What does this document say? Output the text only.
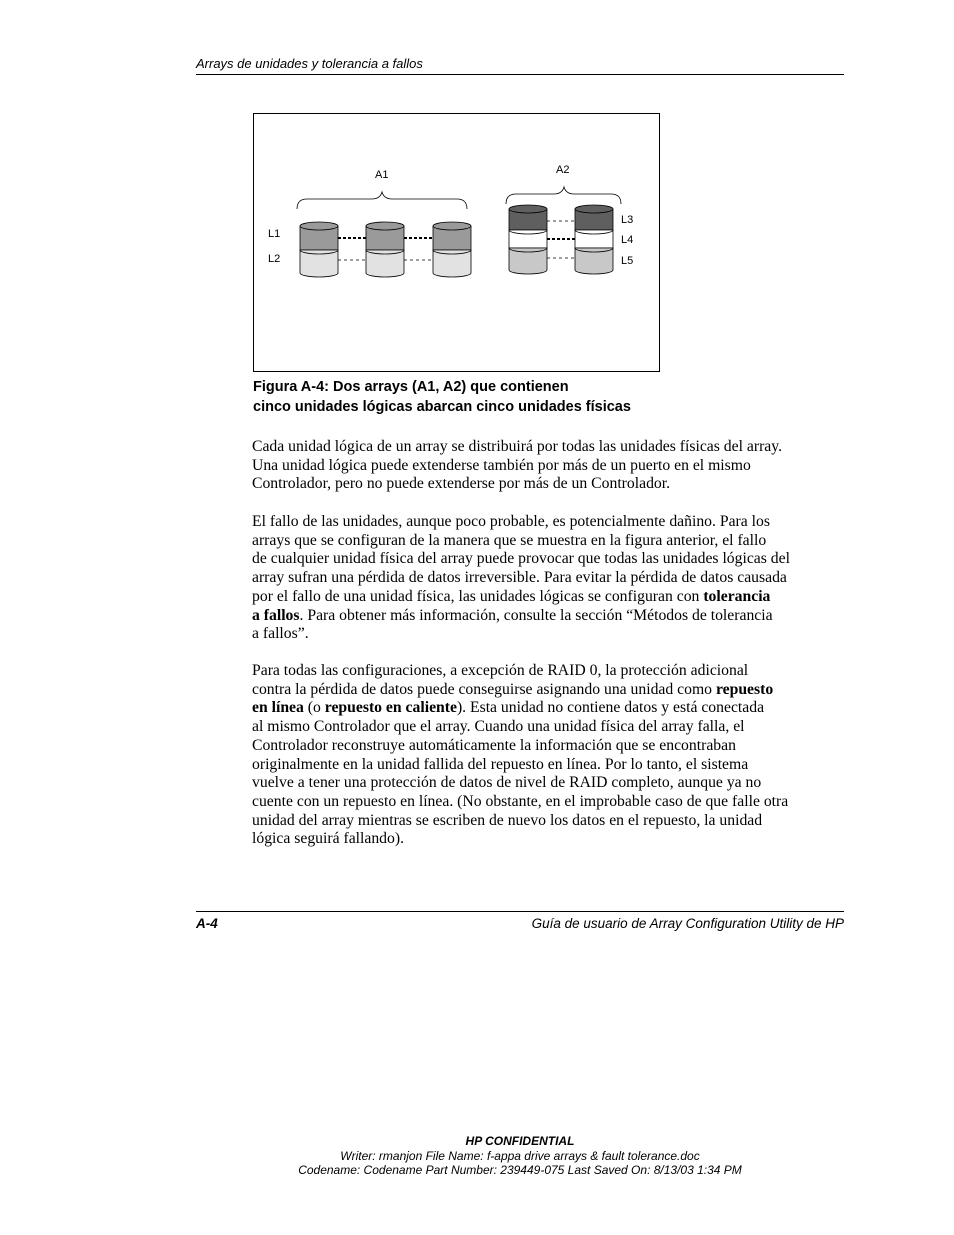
Arrays de unidades y tolerancia a fallos
A1	A2
L1
L2
L3
L4
L5
Figura A-4: Dos arrays (A1, A2) que contienen
cinco unidades lógicas abarcan cinco unidades físicas
Cada unidad lógica de un array se distribuirá por todas las unidades físicas del array.
Una unidad lógica puede extenderse también por más de un puerto en el mismo
Controlador, pero no puede extenderse por más de un Controlador.
El fallo de las unidades, aunque poco probable, es potencialmente dañino. Para los
arrays que se configuran de la manera que se muestra en la figura anterior, el fallo
de cualquier unidad física del array puede provocar que todas las unidades lógicas del
array sufran una pérdida de datos irreversible. Para evitar la pérdida de datos causada
por el fallo de una unidad física, las unidades lógicas se configuran con tolerancia
a fallos. Para obtener más información, consulte la sección “Métodos de tolerancia
a fallos”.
Para todas las configuraciones, a excepción de RAID 0, la protección adicional
contra la pérdida de datos puede conseguirse asignando una unidad como repuesto
en línea (o repuesto en caliente). Esta unidad no contiene datos y está conectada
al mismo Controlador que el array. Cuando una unidad física del array falla, el
Controlador reconstruye automáticamente la información que se encontraban
originalmente en la unidad fallida del repuesto en línea. Por lo tanto, el sistema
vuelve a tener una protección de datos de nivel de RAID completo, aunque ya no
cuente con un repuesto en línea. (No obstante, en el improbable caso de que falle otra
unidad del array mientras se escriben de nuevo los datos en el repuesto, la unidad
lógica seguirá fallando).
A-4	Guía de usuario de Array Configuration Utility de HP
HP CONFIDENTIAL
Writer: rmanjon File Name: f-appa drive arrays & fault tolerance.doc
Codename: Codename Part Number: 239449-075 Last Saved On: 8/13/03 1:34 PM
